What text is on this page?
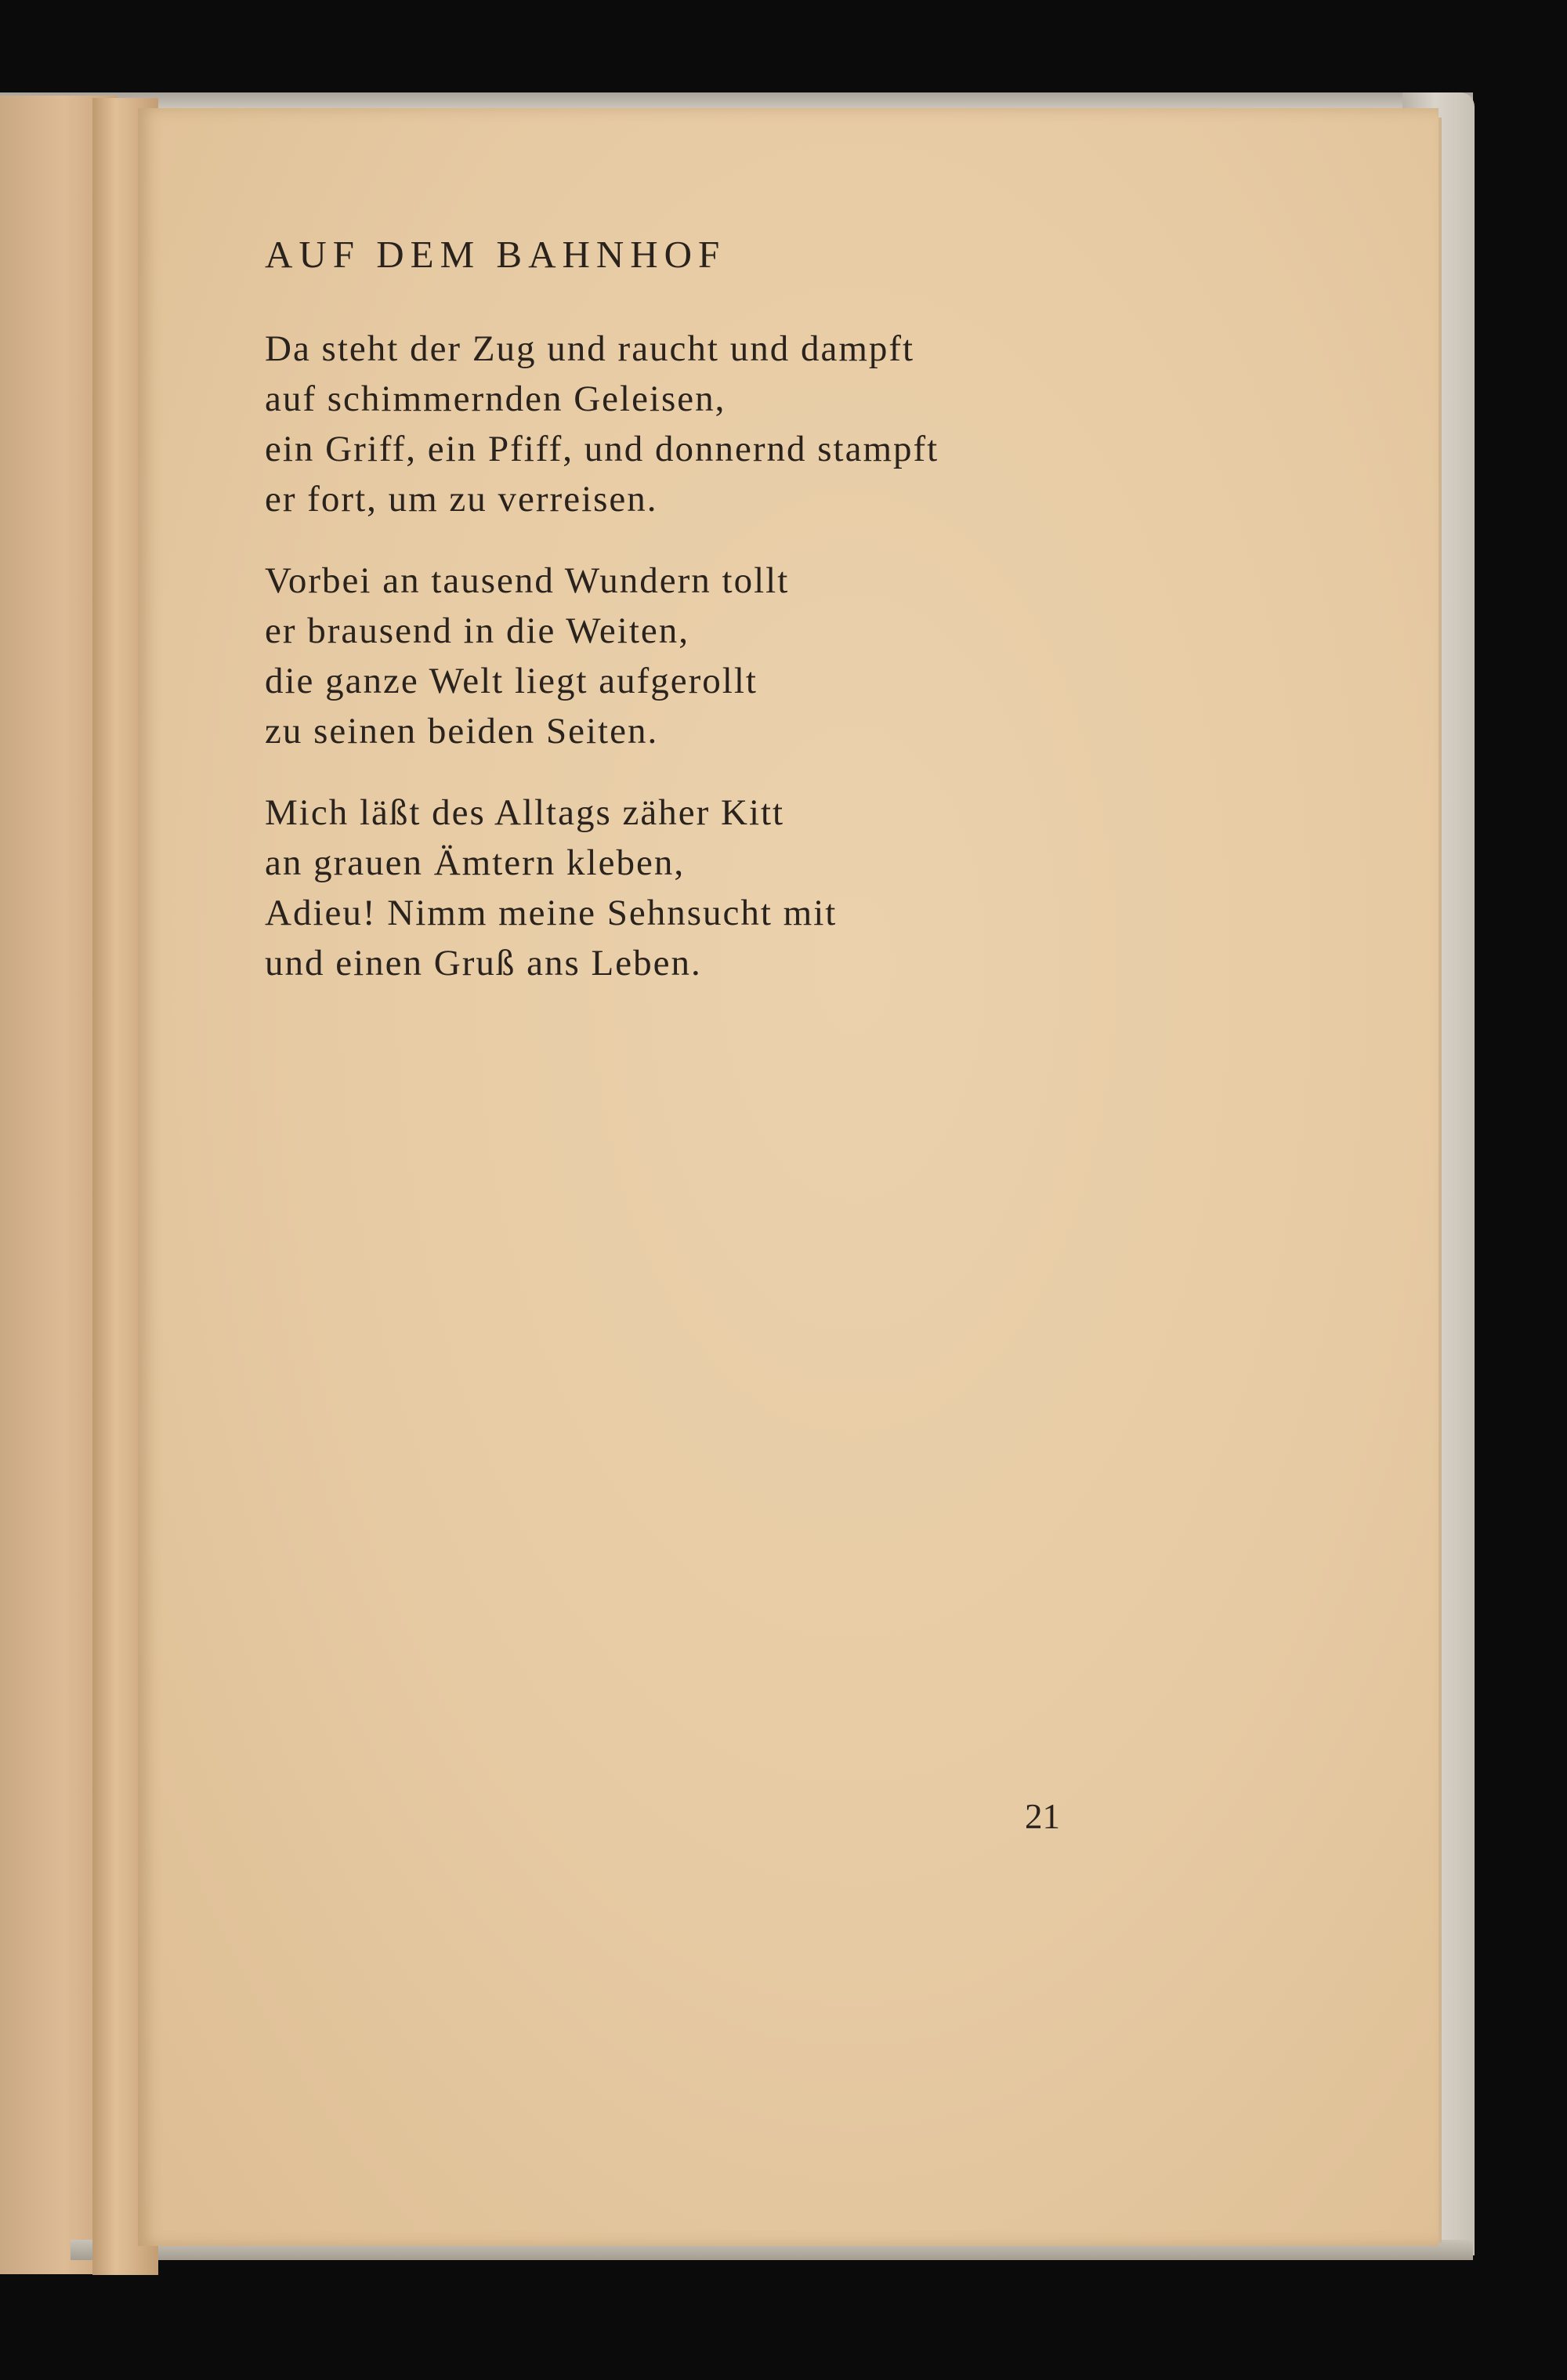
AUF DEM BAHNHOF
Da steht der Zug und raucht und dampft
auf schimmernden Geleisen,
ein Griff, ein Pfiff, und donnernd stampft
er fort, um zu verreisen.
Vorbei an tausend Wundern tollt
er brausend in die Weiten,
die ganze Welt liegt aufgerollt
zu seinen beiden Seiten.
Mich läßt des Alltags zäher Kitt
an grauen Ämtern kleben,
Adieu! Nimm meine Sehnsucht mit
und einen Gruß ans Leben.
21
